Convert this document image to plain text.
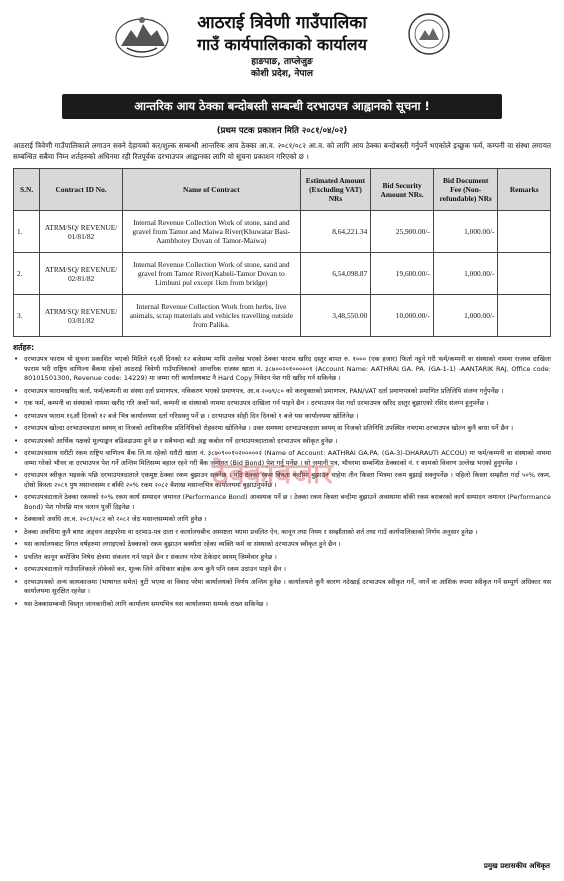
आठराई त्रिवेणी गाउँपालिका
गाउँ कार्यपालिकाको कार्यालय
हाङपाङ, ताप्लेजुङ
कोशी प्रदेश, नेपाल
आन्तरिक आय ठेक्का बन्दोबस्ती सम्बन्धी दरभाउपत्र आह्वानको सूचना !
(प्रथम पटक प्रकाशन मिति २०८१/०४/०२)

आठराई त्रिवेणी गाउँपालिकाले लगाउन सक्ने देहायको कर/शुल्क सम्बन्धी आन्तरिक आय ठेक्का आ.व. २०८१/०८२ आ.व. को लागि आय ठेक्का बन्दोबस्ती गर्नुपर्ने भएकोले इच्छुक फर्म, कम्पनी वा संस्था लगायत सम्बन्धित सबैमा निम्न शर्तहरुको अधिनमा रही रितपूर्वक दरभाउपत्र आह्वानका लागि यो सूचना प्रकाशन गरिएको छ ।

S.N.	Contract ID No.	Name of Contract	Estimated Amount (Excluding VAT) NRs	Bid Security Amount NRs.	Bid Document Fee (Non-refundable) NRs	Remarks
1.	ATRM/SQ/ REVENUE/ 01/81/82	Internal Revenue Collection Work of stone, sand and gravel from Tamor and Maiwa River(Khuwatar Basi-Aambhotey Dovan of Tamor-Maiwa)	8,64,221.34	25,900.00/-	1,000.00/-	
2.	ATRM/SQ/ REVENUE/ 02/81/82	Internal Revenue Collection Work of stone, sand and gravel from Tamor River(Kabeli-Tamor Dovan to Limbuni pul except 1km from bridge)	6,54,098.87	19,600.00/-	1,000.00/-	
3.	ATRM/SQ/ REVENUE/ 03/81/82	Internal Revenue Collection Work from herbs, live animals, scrap materials and vehicles travelling outside from Palika.	3,48,550.00	10,000.00/-	1,000.00/-	
शर्तहरु:
• दरभाउपत्र फाराम यो सूचना प्रकाशित भएको मितिले १६औं दिनको १२ बजेसम्म माथि उल्लेख भएको ठेक्का फाराम खरिद दस्तुर बापत रु. १००० (एक हजार) फिर्ता नहुने गरी फर्म/कम्पनी वा संस्थाको नाममा राजस्व दाखिला फाराम भरी राष्ट्रिय वाणिज्य बैंकमा रहेको आठराई त्रिवेणी गाउँपालिकाको आन्तरिक राजस्व खाता नं. ३८७००२०१०००००१ (Account Name: AATHRAI GA. PA. (GA-1-1) -AANTARIK RAJ, Office code: 80101501300, Revenue code: 14229) मा जम्मा गरी कार्यालयबाट नै Hard Copy निवेदन पेश गरी खरिद गर्न सकिनेछ ।
• दरभाउपत्र फारामखरिद कर्ता, फर्म/कम्पनी वा संस्था दर्ता प्रमाणपत्र, नविकरण भएको प्रमाणपत्र, आ.व २०७९/८० को करचुक्ताको प्रमाणपत्र, PAN/VAT दर्ता प्रमाणपत्रको प्रमाणित प्रतिलिपि संलग्न गर्नुपर्नेछ ।
• एक फर्म, कम्पनी वा संस्थाको नाममा खरीद गरि अर्को फर्म, कम्पनी वा संस्थाको नाममा दरभाउपत्र दाखिला गर्न पाइने छैन । दरभाउपत्र पेश गर्दा दरभाउपत्र खरिद दस्तुर बुझाएको रसिद संलग्न हुनुपर्नेछ ।
• दरभाउपत्र फाराम १६औं दिनको १२ बजे भित्र कार्यालयमा दर्ता गरिसक्नु पर्ने छ । दरभाउपत्र सोही दिन दिनको १ बजे यस कार्यालयमा खोलिनेछ ।
• दरभाउपत्र खोल्दा दरभाउपत्रदाता स्वयम् वा निजको आधिकारिक प्रतिनिधिको रोहवरमा खोलिनेछ । उक्त समयमा दरभाउपत्रदाता स्वयम् वा निजको प्रतिनिधि उपस्थित नभएमा दरभाउपत्र खोल्न कुनै बाधा पर्ने छैन ।
• दरभाउपत्रको आर्थिक पक्षको मूल्याङ्कन बढिवढाउमा हुने छ र सबैभन्दा बढी अङ्क कबोल गर्ने दरभाउपत्रदाताको दरभाउपत्र स्वीकृत हुनेछ ।
• दरभाउपत्रसाथ धरौटी रकम राष्ट्रिय वाणिज्य बैंक लि.मा रहेको धरौटी खाता नं. ३८७०९००१०२०००००२ (Name of Account: AATHRAI GA.PA. (GA-3)-DHARAUTI ACCOU) मा फर्म/कम्पनी वा संस्थाको नाममा जम्मा गरेको भौचर वा दरभाउपत्र पेश गर्ने अन्तिम मितिसम्म बहाल रहने गरी बैंक जमानत (Bid Bond) पेश गर्नु पर्नेछ । सो जमानी पत्र, भौचरमा सम्बन्धित ठेक्काको नं. र कामको विवरण उल्लेख भएको हुनुपर्नेछ ।
• दरभाउपत्र स्वीकृत भइसके पछि दरभाउपत्रदाताले एकमुष्ट ठेक्का रकम बुझाउन सक्नेछ । यदि ठेक्का रकम किस्ता बन्दीमा बुझाउन चाहेमा तीन किस्ता भित्रमा रकम बुझाई सक्नुपर्नेछ । पहिलो किस्ता सम्झौता गर्दा ५०% रकम, दोस्रो किस्ता २०८१ पुष मसान्तसम्म र बाँकी २०% रकम २०८२ बैशाख मसान्तभित्र कार्यालयमा बुझाउनुपर्नेछ ।
• दरभाउपत्रदाताले ठेक्का रकमको १०% रकम कार्य सम्पादन जमानत (Performance Bond) आवश्यक पर्ने छ । ठेक्का रकम किस्ता बन्दीमा बुझाउने अवस्थामा बाँकी रकम बराबरको कार्य सम्पादन जमानत (Performance Bond) पेश गरेपछि मात्र चलान पुर्जी दिइनेछ ।
• ठेक्काको अवधि आ.व. २०८१/०८२ को २०८२ जेठ मसान्तसम्मको लागि हुनेछ ।
• ठेक्का अवधिमा कुनै बाधा अड्चन आइपरेमा वा दरभाउ-पत्र दाता र कार्यालयबीच अस्पष्टता भएमा प्रचलित ऐन, कानून तथा नियम र सम्झौताको शर्त तथा गाउँ कार्यपालिकाको निर्णय अनुसार हुनेछ ।
• यस कार्यालयबाट विगत वर्षहरुमा लगाइएको ठेक्काको रकम बुझाउन बक्यौता रहेका व्यक्ति फर्म वा संस्थाको दरभाउपत्र स्वीकृत हुने छैन ।
• प्रचलित कानून बमोजिम निषेध क्षेत्रमा संकलन गर्न पाइने छैन र संकलन गरेमा ठेकेदार स्वयम् जिम्मेवार हुनेछ ।
• दरभाउपत्रदाताले गाउँपालिकाले तोकेको कर, शुल्क लिने अधिकार बाहेक अन्य कुनै पनि रकम उठाउन पाइने छैन ।
• दरभाउपत्रको अन्य कामकाजमा (भाषागत समेत) त्रुटी भएमा वा विवाद परेमा कार्यालयको निर्णय अन्तिम हुनेछ । कार्यालयले कुनै कारण नदेखाई दरभाउपत्र स्वीकृत गर्ने, नगर्ने वा आंशिक रुपमा स्वीकृत गर्ने सम्पूर्ण अधिकार यस कार्यालयमा सुरक्षित रहनेछ ।
• यस ठेक्कासम्बन्धी विस्तृत जानकारीको लागि कार्यालय समयभित्र यस कार्यालयमा सम्पर्क राख्न सकिनेछ ।
ठेक्काबजार
प्रमुख प्रशासकीय अधिकृत
